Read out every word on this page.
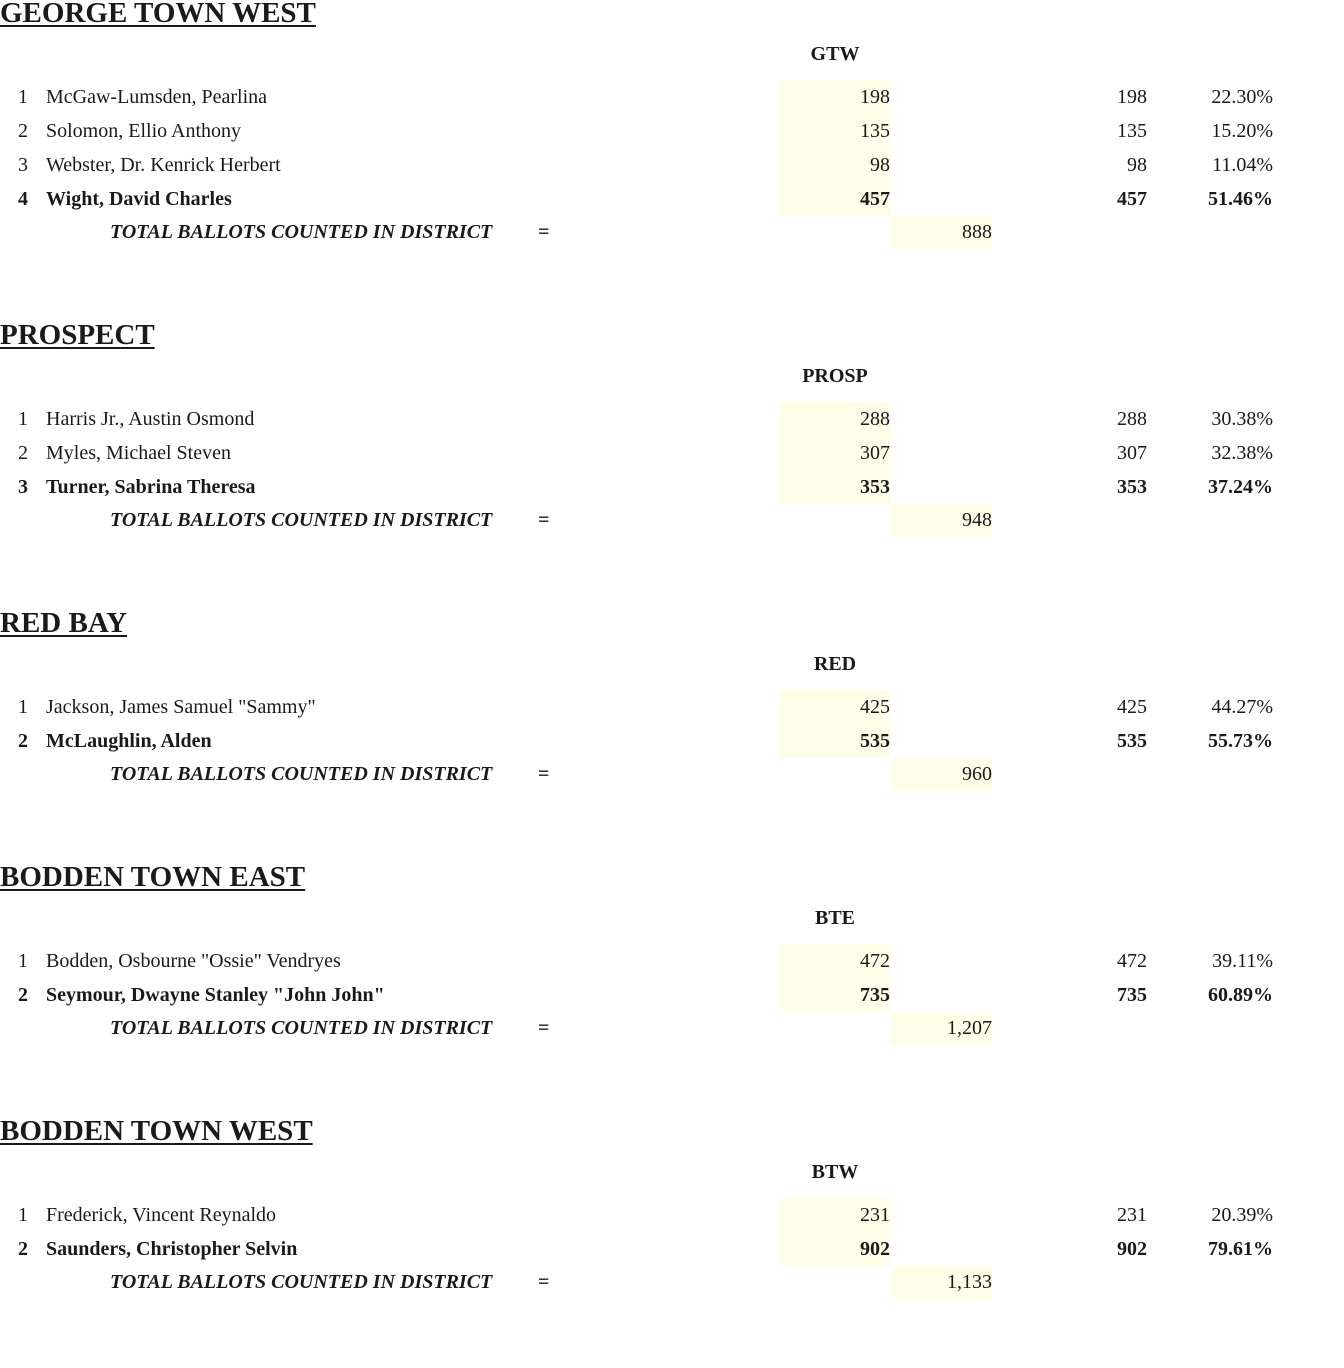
GEORGE TOWN WEST
GTW
1 McGaw-Lumsden, Pearlina	198	198	22.30%
2 Solomon, Ellio Anthony	135	135	15.20%
3 Webster, Dr. Kenrick Herbert	98	98	11.04%
4 Wight, David Charles	457	457	51.46%
TOTAL BALLOTS COUNTED IN DISTRICT =	888
PROSPECT
PROSP
1 Harris Jr., Austin Osmond	288	288	30.38%
2 Myles, Michael Steven	307	307	32.38%
3 Turner, Sabrina Theresa	353	353	37.24%
TOTAL BALLOTS COUNTED IN DISTRICT =	948
RED BAY
RED
1 Jackson, James Samuel "Sammy"	425	425	44.27%
2 McLaughlin, Alden	535	535	55.73%
TOTAL BALLOTS COUNTED IN DISTRICT =	960
BODDEN TOWN EAST
BTE
1 Bodden, Osbourne "Ossie" Vendryes	472	472	39.11%
2 Seymour, Dwayne Stanley "John John"	735	735	60.89%
TOTAL BALLOTS COUNTED IN DISTRICT =	1,207
BODDEN TOWN WEST
BTW
1 Frederick, Vincent Reynaldo	231	231	20.39%
2 Saunders, Christopher Selvin	902	902	79.61%
TOTAL BALLOTS COUNTED IN DISTRICT =	1,133
